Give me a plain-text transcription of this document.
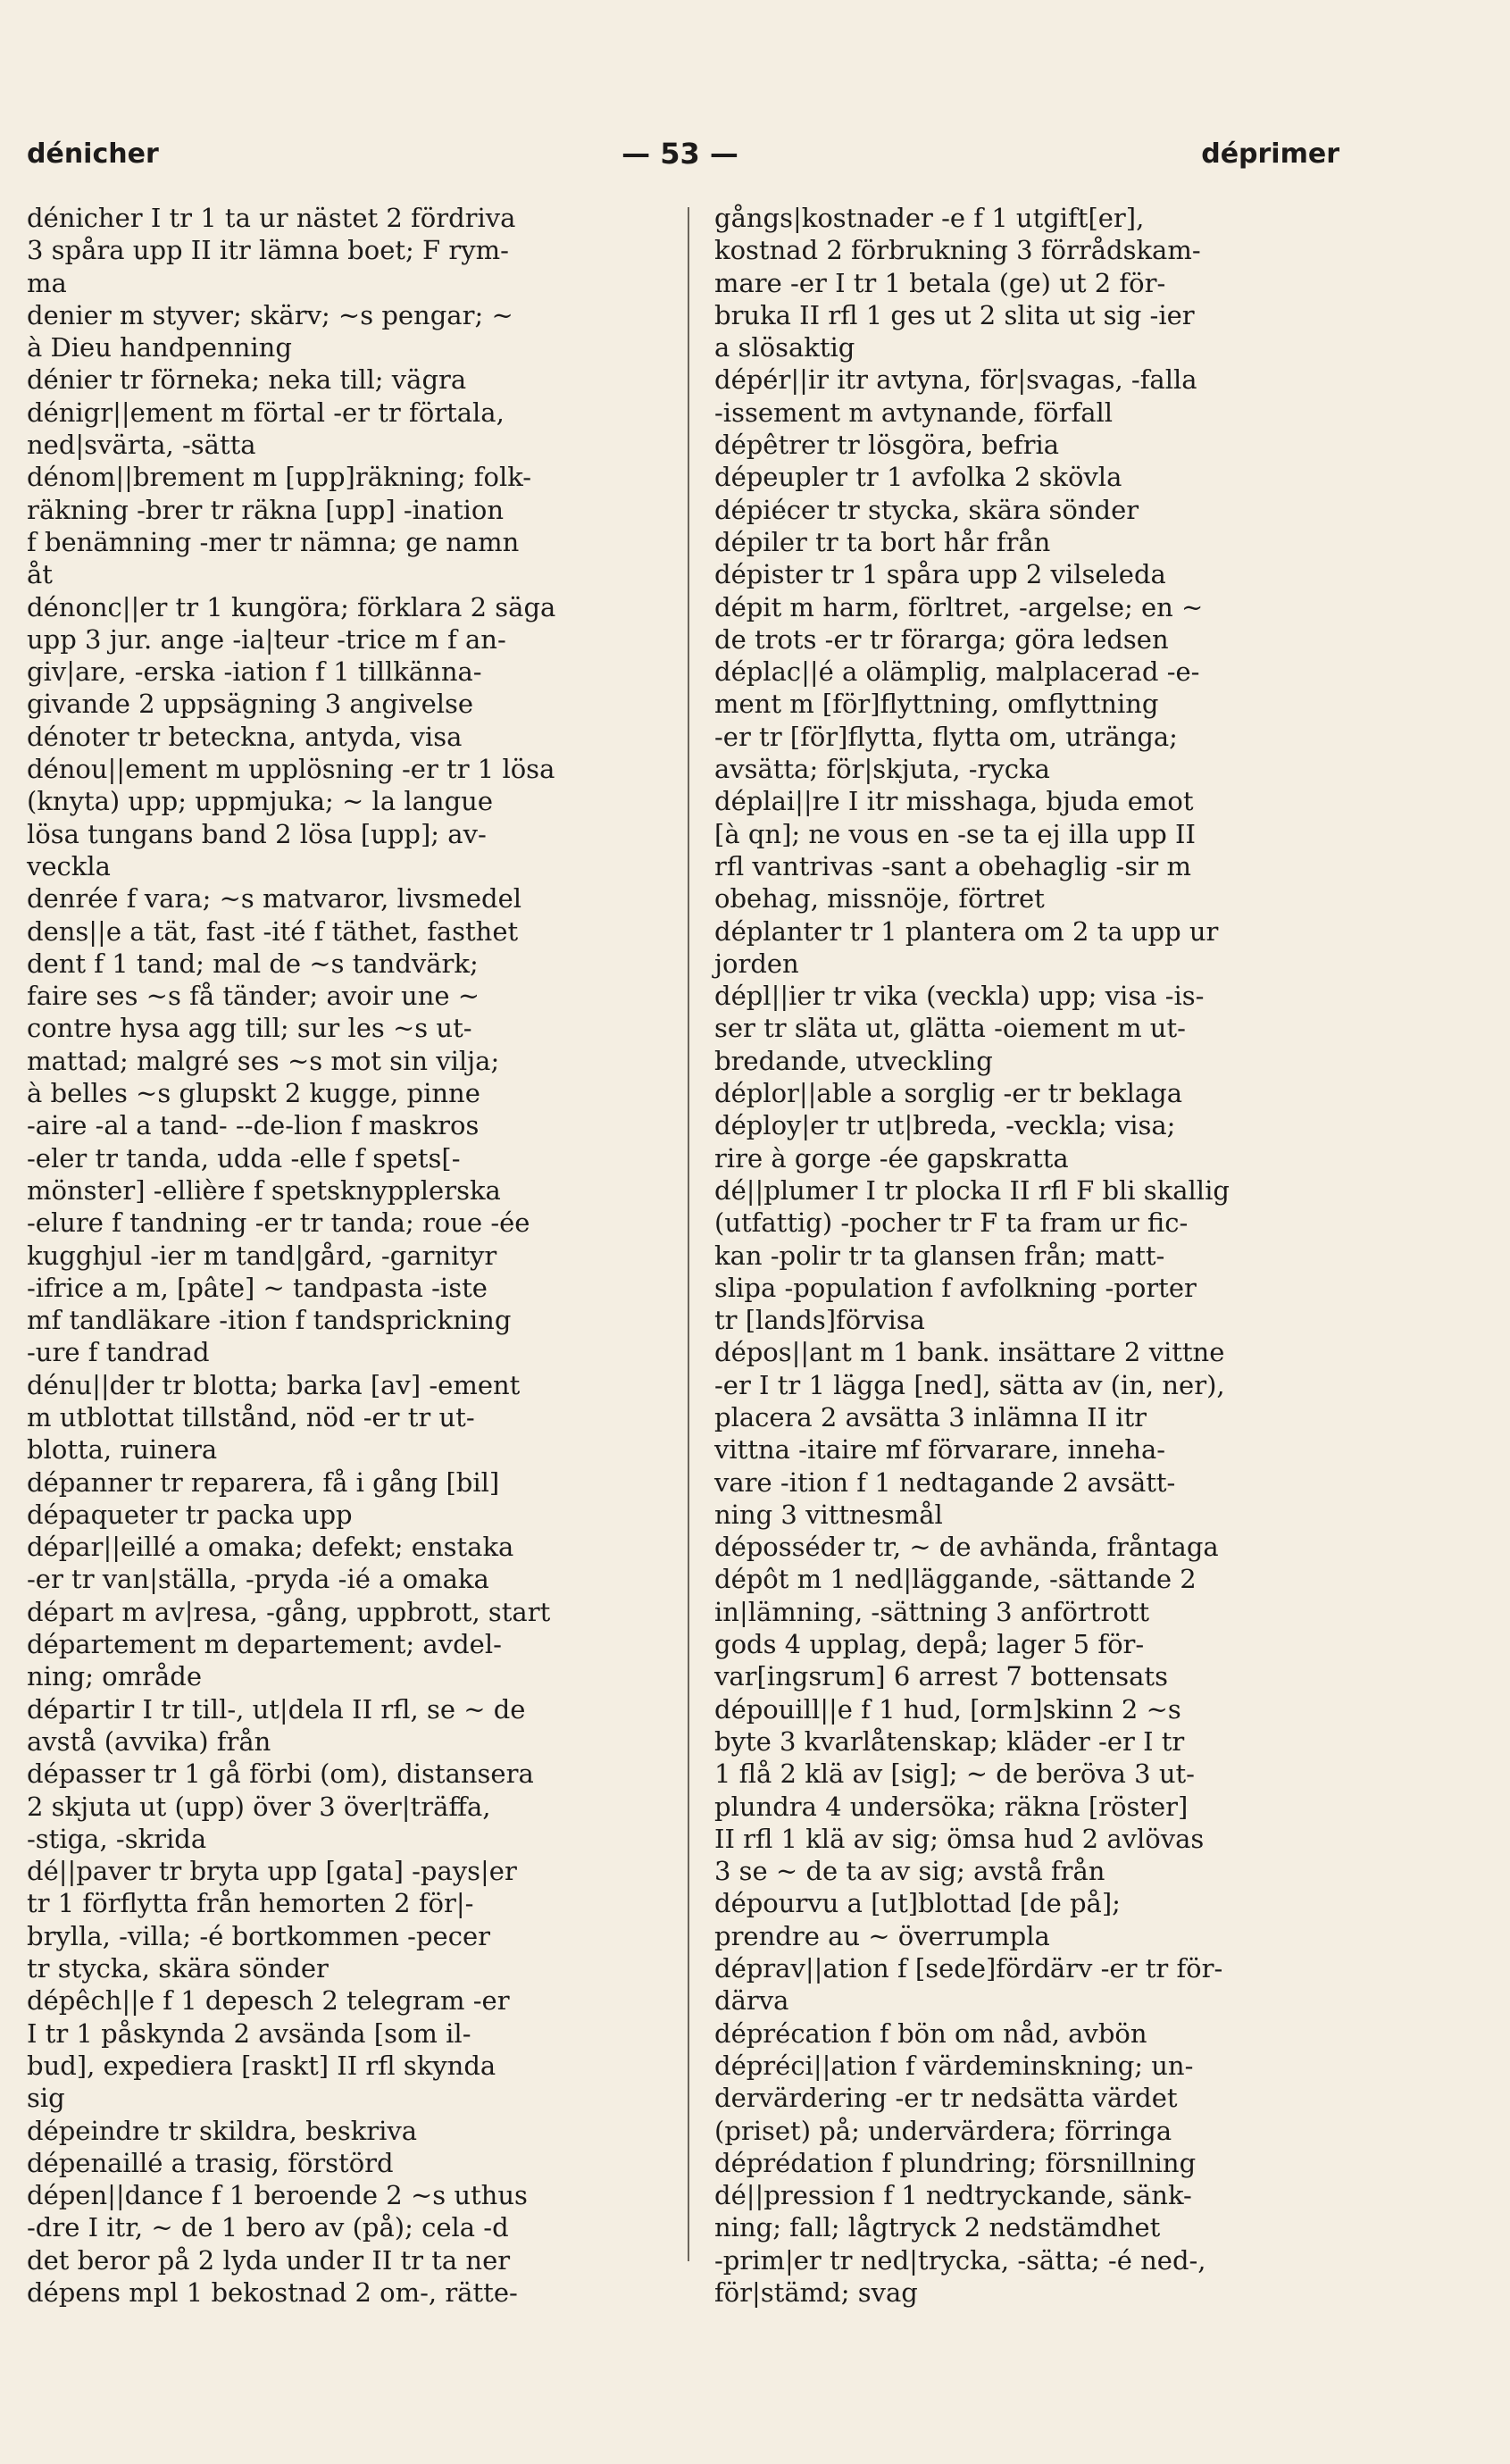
dénicher	— 53 —	déprimer
dénicher I tr 1 ta ur nästet 2 fördriva
3 spåra upp II itr lämna boet; F rym-
ma
denier m styver; skärv; ~s pengar; ~
à Dieu handpenning
dénier tr förneka; neka till; vägra
dénigr||ement m förtal -er tr förtala,
ned|svärta, -sätta
dénom||brement m [upp]räkning; folk-
räkning -brer tr räkna [upp] -ination
f benämning -mer tr nämna; ge namn
åt
dénonc||er tr 1 kungöra; förklara 2 säga
upp 3 jur. ange -ia|teur -trice m f an-
giv|are, -erska -iation f 1 tillkänna-
givande 2 uppsägning 3 angivelse
dénoter tr beteckna, antyda, visa
dénou||ement m upplösning -er tr 1 lösa
(knyta) upp; uppmjuka; ~ la langue
lösa tungans band 2 lösa [upp]; av-
veckla
denrée f vara; ~s matvaror, livsmedel
dens||e a tät, fast -ité f täthet, fasthet
dent f 1 tand; mal de ~s tandvärk;
faire ses ~s få tänder; avoir une ~
contre hysa agg till; sur les ~s ut-
mattad; malgré ses ~s mot sin vilja;
à belles ~s glupskt 2 kugge, pinne
-aire -al a tand- --de-lion f maskros
-eler tr tanda, udda -elle f spets[-
mönster] -ellière f spetsknypplerska
-elure f tandning -er tr tanda; roue -ée
kugghjul -ier m tand|gård, -garnityr
-ifrice a m, [pâte] ~ tandpasta -iste
mf tandläkare -ition f tandsprickning
-ure f tandrad
dénu||der tr blotta; barka [av] -ement
m utblottat tillstånd, nöd -er tr ut-
blotta, ruinera
dépanner tr reparera, få i gång [bil]
dépaqueter tr packa upp
dépar||eillé a omaka; defekt; enstaka
-er tr van|ställa, -pryda -ié a omaka
départ m av|resa, -gång, uppbrott, start
département m departement; avdel-
ning; område
départir I tr till-, ut|dela II rfl, se ~ de
avstå (avvika) från
dépasser tr 1 gå förbi (om), distansera
2 skjuta ut (upp) över 3 över|träffa,
-stiga, -skrida
dé||paver tr bryta upp [gata] -pays|er
tr 1 förflytta från hemorten 2 för|-
brylla, -villa; -é bortkommen -pecer
tr stycka, skära sönder
dépêch||e f 1 depesch 2 telegram -er
I tr 1 påskynda 2 avsända [som il-
bud], expediera [raskt] II rfl skynda
sig
dépeindre tr skildra, beskriva
dépenaillé a trasig, förstörd
dépen||dance f 1 beroende 2 ~s uthus
-dre I itr, ~ de 1 bero av (på); cela -d
det beror på 2 lyda under II tr ta ner
dépens mpl 1 bekostnad 2 om-, rätte-
gångs|kostnader -e f 1 utgift[er],
kostnad 2 förbrukning 3 förrådskam-
mare -er I tr 1 betala (ge) ut 2 för-
bruka II rfl 1 ges ut 2 slita ut sig -ier
a slösaktig
dépér||ir itr avtyna, för|svagas, -falla
-issement m avtynande, förfall
dépêtrer tr lösgöra, befria
dépeupler tr 1 avfolka 2 skövla
dépiécer tr stycka, skära sönder
dépiler tr ta bort hår från
dépister tr 1 spåra upp 2 vilseleda
dépit m harm, förltret, -argelse; en ~
de trots -er tr förarga; göra ledsen
déplac||é a olämplig, malplacerad -e-
ment m [för]flyttning, omflyttning
-er tr [för]flytta, flytta om, utränga;
avsätta; för|skjuta, -rycka
déplai||re I itr misshaga, bjuda emot
[à qn]; ne vous en -se ta ej illa upp II
rfl vantrivas -sant a obehaglig -sir m
obehag, missnöje, förtret
déplanter tr 1 plantera om 2 ta upp ur
jorden
dépl||ier tr vika (veckla) upp; visa -is-
ser tr släta ut, glätta -oiement m ut-
bredande, utveckling
déplor||able a sorglig -er tr beklaga
déploy|er tr ut|breda, -veckla; visa;
rire à gorge -ée gapskratta
dé||plumer I tr plocka II rfl F bli skallig
(utfattig) -pocher tr F ta fram ur fic-
kan -polir tr ta glansen från; matt-
slipa -population f avfolkning -porter
tr [lands]förvisa
dépos||ant m 1 bank. insättare 2 vittne
-er I tr 1 lägga [ned], sätta av (in, ner),
placera 2 avsätta 3 inlämna II itr
vittna -itaire mf förvarare, inneha-
vare -ition f 1 nedtagande 2 avsätt-
ning 3 vittnesmål
déposséder tr, ~ de avhända, fråntaga
dépôt m 1 ned|läggande, -sättande 2
in|lämning, -sättning 3 anförtrott
gods 4 upplag, depå; lager 5 för-
var[ingsrum] 6 arrest 7 bottensats
dépouill||e f 1 hud, [orm]skinn 2 ~s
byte 3 kvarlåtenskap; kläder -er I tr
1 flå 2 klä av [sig]; ~ de beröva 3 ut-
plundra 4 undersöka; räkna [röster]
II rfl 1 klä av sig; ömsa hud 2 avlövas
3 se ~ de ta av sig; avstå från
dépourvu a [ut]blottad [de på];
prendre au ~ överrumpla
déprav||ation f [sede]fördärv -er tr för-
därva
déprécation f bön om nåd, avbön
dépréci||ation f värdeminskning; un-
dervärdering -er tr nedsätta värdet
(priset) på; undervärdera; förringa
déprédation f plundring; försnillning
dé||pression f 1 nedtryckande, sänk-
ning; fall; lågtryck 2 nedstämdhet
-prim|er tr ned|trycka, -sätta; -é ned-,
för|stämd; svag
